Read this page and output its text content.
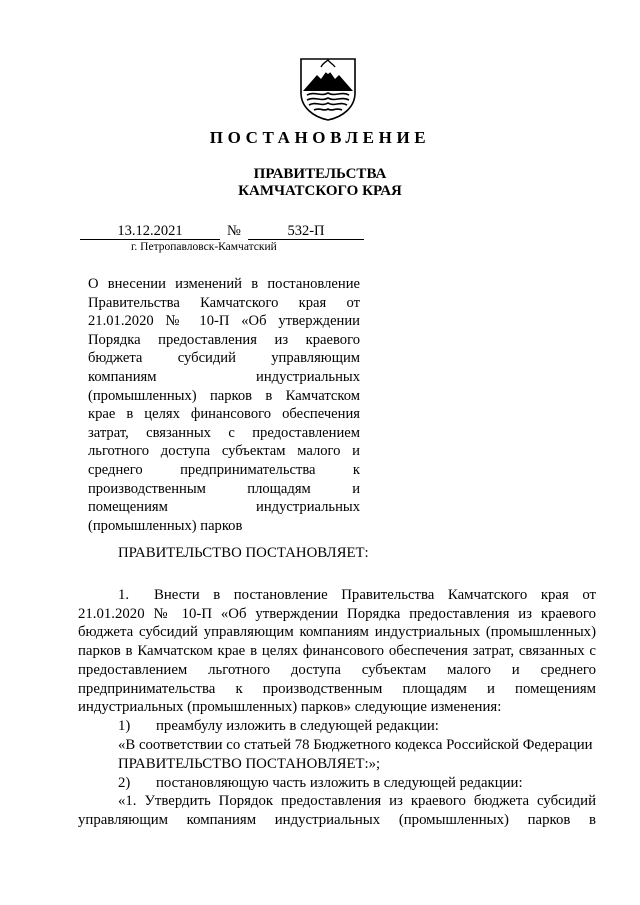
ПОСТАНОВЛЕНИЕ
ПРАВИТЕЛЬСТВА
КАМЧАТСКОГО КРАЯ
13.12.2021	№	532-П
г. Петропавловск-Камчатский
О внесении изменений в постановление
Правительства Камчатского края от
21.01.2020 № 10-П «Об утверждении
Порядка предоставления из краевого
бюджета субсидий управляющим
компаниям индустриальных
(промышленных) парков в Камчатском
крае в целях финансового обеспечения
затрат, связанных с предоставлением
льготного доступа субъектам малого и
среднего предпринимательства к
производственным площадям и
помещениям индустриальных
(промышленных) парков
ПРАВИТЕЛЬСТВО ПОСТАНОВЛЯЕТ:
1. Внести в постановление Правительства Камчатского края от
21.01.2020 № 10-П «Об утверждении Порядка предоставления из краевого
бюджета субсидий управляющим компаниям индустриальных (промышленных)
парков в Камчатском крае в целях финансового обеспечения затрат, связанных с
предоставлением льготного доступа субъектам малого и среднего
предпринимательства к производственным площадям и помещениям
индустриальных (промышленных) парков» следующие изменения:
1) преамбулу изложить в следующей редакции:
«В соответствии со статьей 78 Бюджетного кодекса Российской Федерации
ПРАВИТЕЛЬСТВО ПОСТАНОВЛЯЕТ:»;
2) постановляющую часть изложить в следующей редакции:
«1. Утвердить Порядок предоставления из краевого бюджета субсидий
управляющим компаниям индустриальных (промышленных) парков в
